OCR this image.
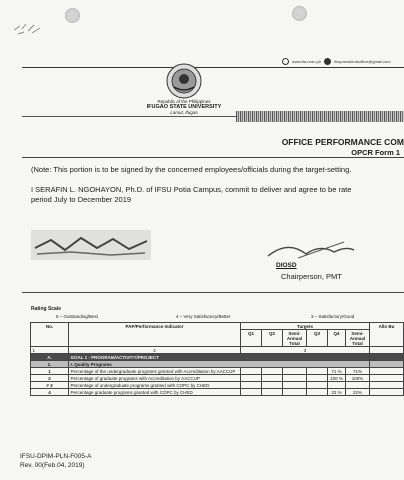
www.ifsu.edu.ph	ifsupresidentsoffice@gmail.com
Republic of the Philippines
IFUGAO STATE UNIVERSITY
Lamut, Ifugao
OFFICE PERFORMANCE COM
OPCR Form 1
(Note: This portion is to be signed by the concerned employees/officials during the target-setting.
I SERAFIN L. NGOHAYON, Ph.D. of IFSU Potia Campus, commit to deliver and agree to be rate
period July to December 2019
DIOSD
Chairperson, PMT
Rating Scale
5 – Outstanding/Best	4 – Very Satisfactory/Better	3 – Satisfactory/Good
No.	PAP/Performance Indicator	Targets						Allo Bu
		Q1	Q2	Semi-Annual Total	Q3	Q4	Semi-Annual Total	
1	2	3						
A.	GOAL 1 - PROGRAM/ACTIVITY/PROJECT							
1.	I. Quality Programs							
1	Percentage of the undergraduate programs granted with Accreditation by AACCUP					71 %	71%	
2	Percentage of graduate programs with Accreditation by AACCUP					100 %	100%	
# 3	Percentage of undergraduate programs granted with COPC by CHED							
4	Percentage graduate programs granted with COPC by CHED					22 %	22%	
IFSU-DPIM-PLN-F005-A
Rev. 00(Feb.04, 2019)
